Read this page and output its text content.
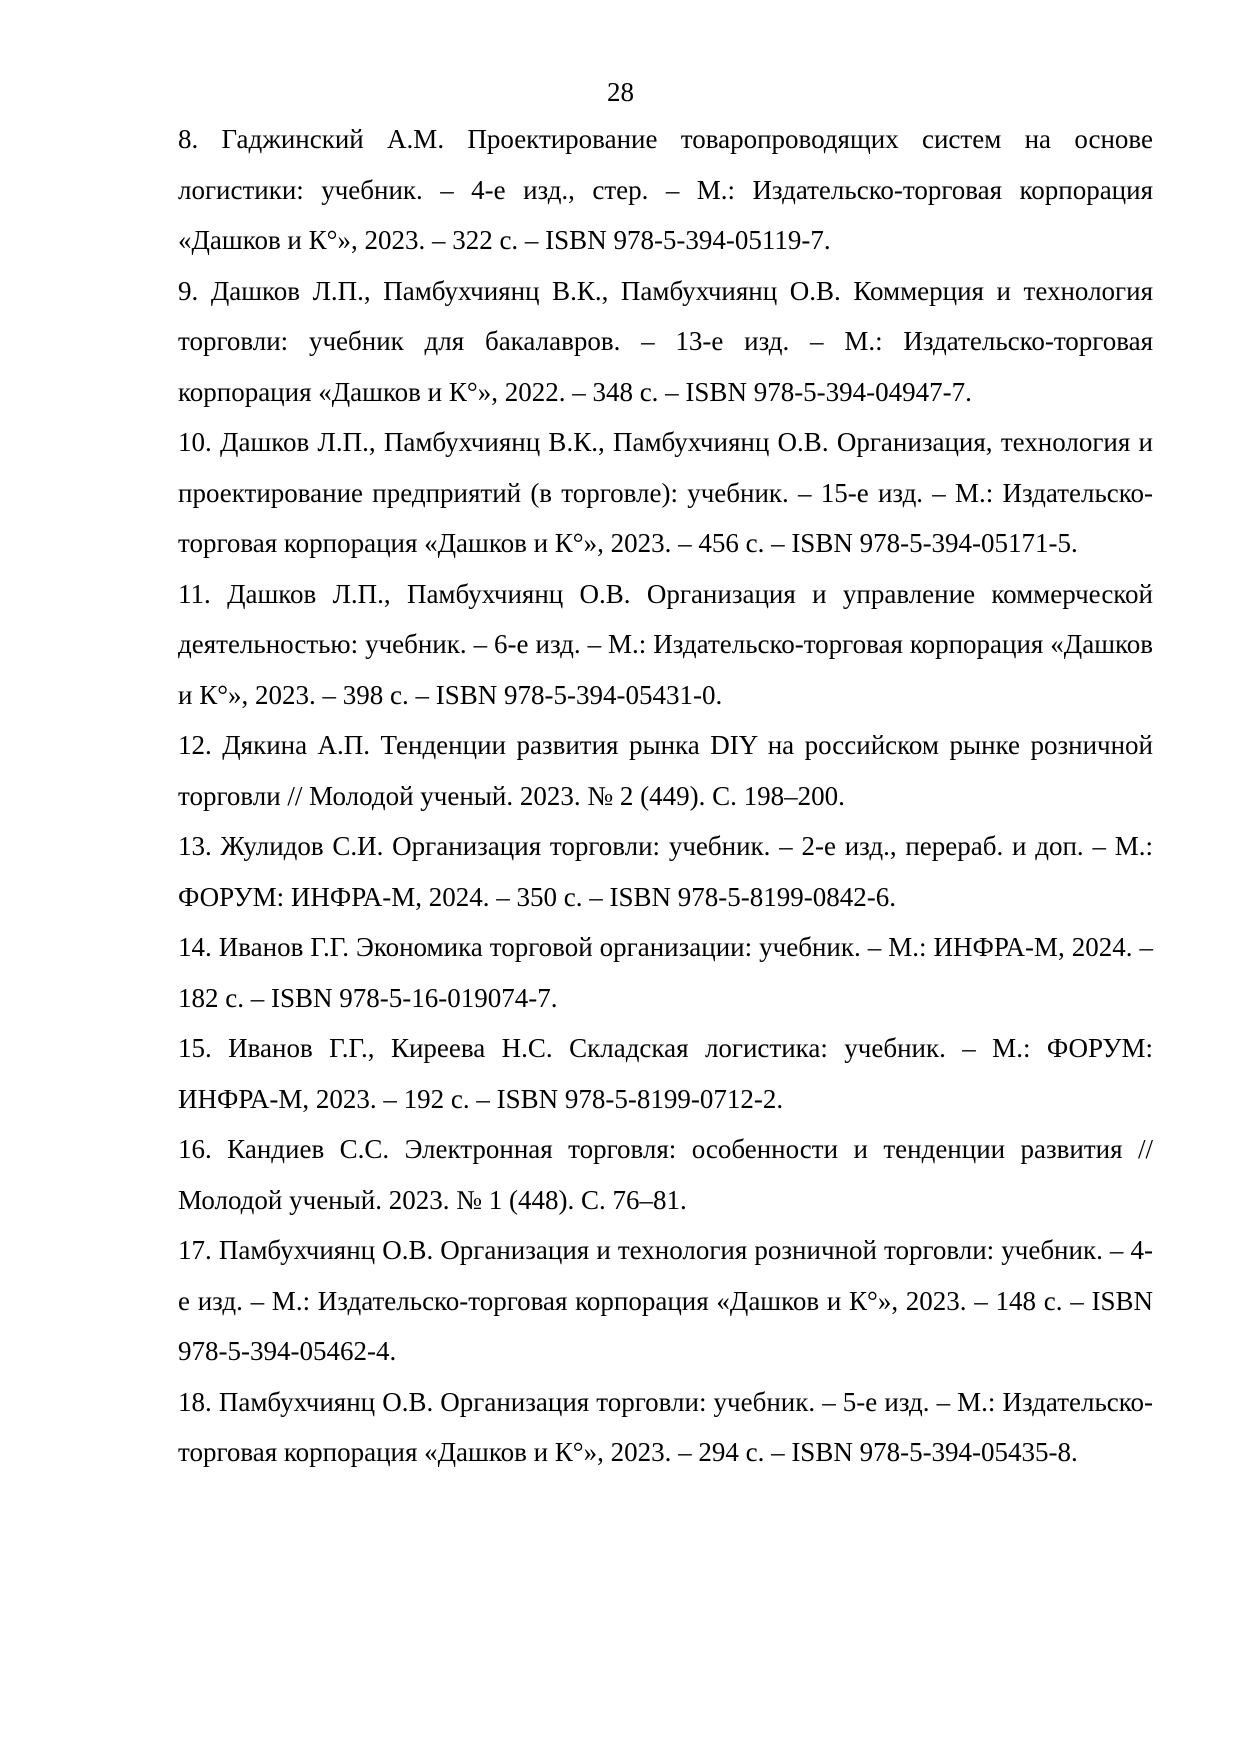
28
8. Гаджинский А.М. Проектирование товаропроводящих систем на основе логистики: учебник. – 4-е изд., стер. – М.: Издательско-торговая корпорация «Дашков и К°», 2023. – 322 с. – ISBN 978-5-394-05119-7.
9. Дашков Л.П., Памбухчиянц В.К., Памбухчиянц О.В. Коммерция и технология торговли: учебник для бакалавров. – 13-е изд. – М.: Издательско-торговая корпорация «Дашков и К°», 2022. – 348 с. – ISBN 978-5-394-04947-7.
10. Дашков Л.П., Памбухчиянц В.К., Памбухчиянц О.В. Организация, технология и проектирование предприятий (в торговле): учебник. – 15-е изд. – М.: Издательско-торговая корпорация «Дашков и К°», 2023. – 456 с. – ISBN 978-5-394-05171-5.
11. Дашков Л.П., Памбухчиянц О.В. Организация и управление коммерческой деятельностью: учебник. – 6-е изд. – М.: Издательско-торговая корпорация «Дашков и К°», 2023. – 398 с. – ISBN 978-5-394-05431-0.
12. Дякина А.П. Тенденции развития рынка DIY на российском рынке розничной торговли // Молодой ученый. 2023. № 2 (449). С. 198–200.
13. Жулидов С.И. Организация торговли: учебник. – 2-е изд., перераб. и доп. – М.: ФОРУМ: ИНФРА-М, 2024. – 350 с. – ISBN 978-5-8199-0842-6.
14. Иванов Г.Г. Экономика торговой организации: учебник. – М.: ИНФРА-М, 2024. – 182 с. – ISBN 978-5-16-019074-7.
15. Иванов Г.Г., Киреева Н.С. Складская логистика: учебник. – М.: ФОРУМ: ИНФРА-М, 2023. – 192 с. – ISBN 978-5-8199-0712-2.
16. Кандиев С.С. Электронная торговля: особенности и тенденции развития // Молодой ученый. 2023. № 1 (448). С. 76–81.
17. Памбухчиянц О.В. Организация и технология розничной торговли: учебник. – 4-е изд. – М.: Издательско-торговая корпорация «Дашков и К°», 2023. – 148 с. – ISBN 978-5-394-05462-4.
18. Памбухчиянц О.В. Организация торговли: учебник. – 5-е изд. – М.: Издательско-торговая корпорация «Дашков и К°», 2023. – 294 с. – ISBN 978-5-394-05435-8.
